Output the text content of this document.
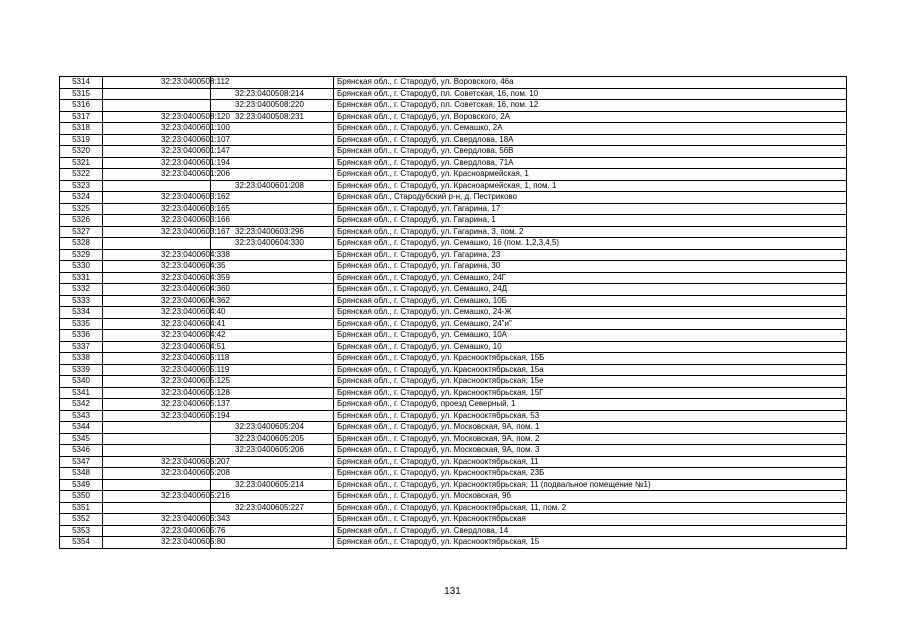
5314	32:23:0400508:112		Брянская обл., г. Стародуб, ул. Воровского, 46а
5315		32:23:0400508:214	Брянская обл., г. Стародуб, пл. Советская, 16, пом. 10
5316		32:23:0400508:220	Брянская обл., г. Стародуб, пл. Советская, 16, пом. 12
5317	32:23:0400508:120	32:23:0400508:231	Брянская обл., г. Стародуб, ул. Воровского, 2А
5318	32:23:0400601:100		Брянская обл., г. Стародуб, ул. Семашко, 2А
5319	32:23:0400601:107		Брянская обл., г. Стародуб, ул. Свердлова, 18А
5320	32:23:0400601:147		Брянская обл., г. Стародуб, ул. Свердлова, 56В
5321	32:23:0400601:194		Брянская обл., г. Стародуб, ул. Свердлова, 71А
5322	32:23:0400601:206		Брянская обл., г. Стародуб, ул. Красноармейская, 1
5323		32:23:0400601:208	Брянская обл., г. Стародуб, ул. Красноармейская, 1, пом. 1
5324	32:23:0400603:162		Брянская обл., Стародубский р-н, д. Пестриково
5325	32:23:0400603:165		Брянская обл., г. Стародуб, ул. Гагарина, 17
5326	32:23:0400603:166		Брянская обл., г. Стародуб, ул. Гагарина, 1
5327	32:23:0400603:167	32:23:0400603:296	Брянская обл., г. Стародуб, ул. Гагарина, 3, пом. 2
5328		32:23:0400604:330	Брянская обл., г. Стародуб, ул. Семашко, 16 (пом. 1,2,3,4,5)
5329	32:23:0400604:338		Брянская обл., г. Стародуб, ул. Гагарина, 23
5330	32:23:0400604:35		Брянская обл., г. Стародуб, ул. Гагарина, 30
5331	32:23:0400604:359		Брянская обл., г. Стародуб, ул. Семашко, 24Г
5332	32:23:0400604:360		Брянская обл., г. Стародуб, ул. Семашко, 24Д
5333	32:23:0400604:362		Брянская обл., г. Стародуб, ул. Семашко, 10Б
5334	32:23:0400604:40		Брянская обл., г. Стародуб, ул. Семашко, 24-Ж
5335	32:23:0400604:41		Брянская обл., г. Стародуб, ул. Семашко, 24"и"
5336	32:23:0400604:42		Брянская обл., г. Стародуб, ул. Семашко, 10А
5337	32:23:0400604:51		Брянская обл., г. Стародуб, ул. Семашко, 10
5338	32:23:0400605:118		Брянская обл., г. Стародуб, ул. Краснооктябрьская, 15Б
5339	32:23:0400605:119		Брянская обл., г. Стародуб, ул. Краснооктябрьская, 15а
5340	32:23:0400605:125		Брянская обл., г. Стародуб, ул. Краснооктябрьская, 15е
5341	32:23:0400605:128		Брянская обл., г. Стародуб, ул. Краснооктябрьская, 15Г
5342	32:23:0400605:137		Брянская обл., г. Стародуб, проезд Северный, 1
5343	32:23:0400605:194		Брянская обл., г. Стародуб, ул. Краснооктябрьская, 53
5344		32:23:0400605:204	Брянская обл., г. Стародуб, ул. Московская, 9А, пом. 1
5345		32:23:0400605:205	Брянская обл., г. Стародуб, ул. Московская, 9А, пом. 2
5346		32:23:0400605:206	Брянская обл., г. Стародуб, ул. Московская, 9А, пом. 3
5347	32:23:0400605:207		Брянская обл., г. Стародуб, ул. Краснооктябрьская, 11
5348	32:23:0400605:208		Брянская обл., г. Стародуб, ул. Краснооктябрьская, 23Б
5349		32:23:0400605:214	Брянская обл., г. Стародуб, ул. Краснооктябрьская, 11 (подвальное помещение №1)
5350	32:23:0400605:216		Брянская обл., г. Стародуб, ул. Московская, 9б
5351		32:23:0400605:227	Брянская обл., г. Стародуб, ул. Краснооктябрьская, 11, пом. 2
5352	32:23:0400605:343		Брянская обл., г. Стародуб, ул. Краснооктябрьская
5353	32:23:0400605:76		Брянская обл., г. Стародуб, ул. Свердлова, 14
5354	32:23:0400605:80		Брянская обл., г. Стародуб, ул. Краснооктябрьская, 15
131
